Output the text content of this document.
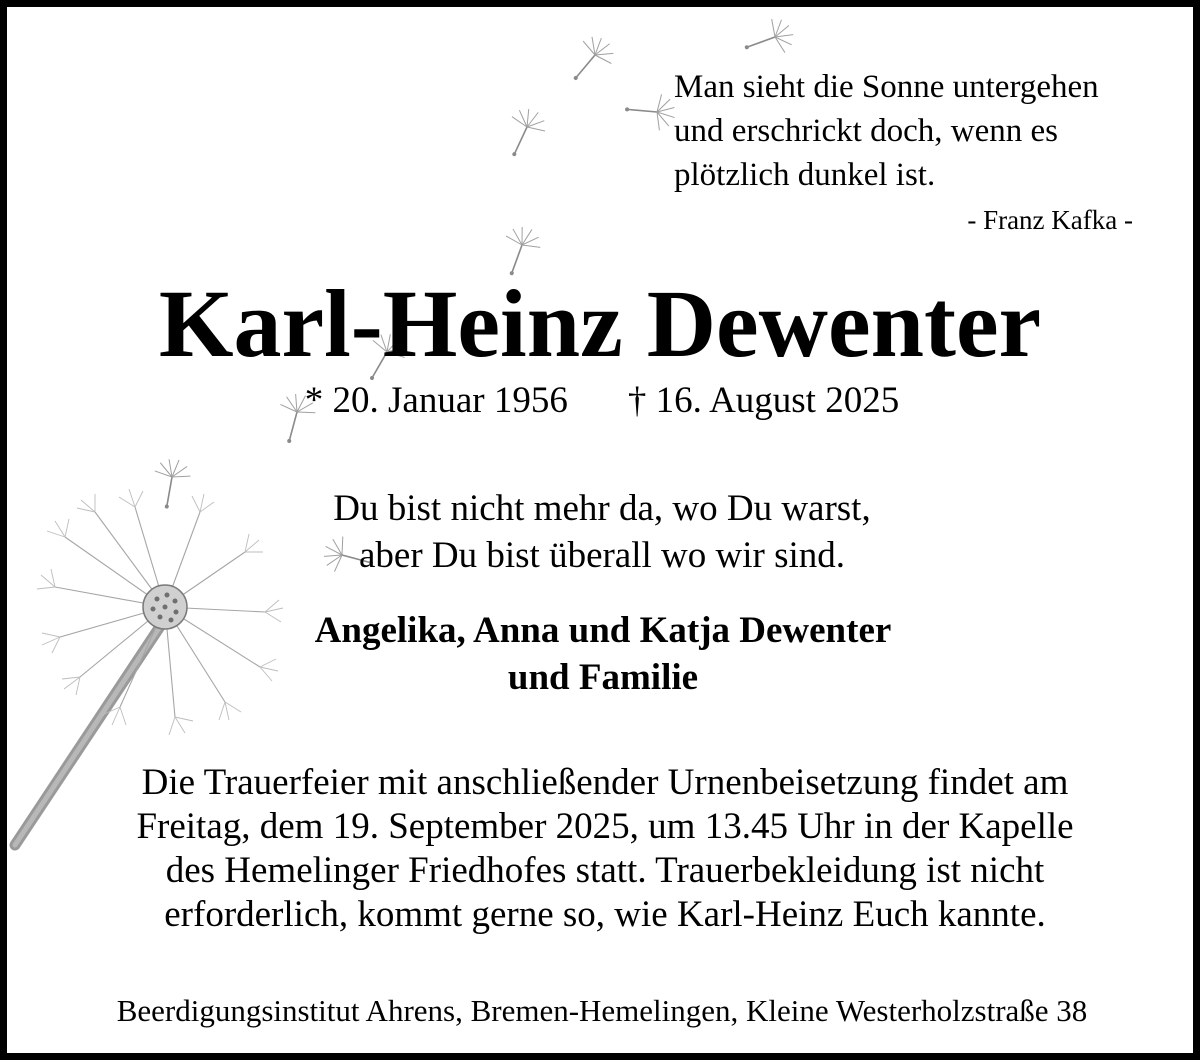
Man sieht die Sonne untergehen
und erschrickt doch, wenn es
plötzlich dunkel ist.
- Franz Kafka -
Karl-Heinz Dewenter
* 20. Januar 1956 † 16. August 2025
Du bist nicht mehr da, wo Du warst,
aber Du bist überall wo wir sind.
Angelika, Anna und Katja Dewenter
und Familie
Die Trauerfeier mit anschließender Urnenbeisetzung findet am
Freitag, dem 19. September 2025, um 13.45 Uhr in der Kapelle
des Hemelinger Friedhofes statt. Trauerbekleidung ist nicht
erforderlich, kommt gerne so, wie Karl-Heinz Euch kannte.
Beerdigungsinstitut Ahrens, Bremen-Hemelingen, Kleine Westerholzstraße 38
